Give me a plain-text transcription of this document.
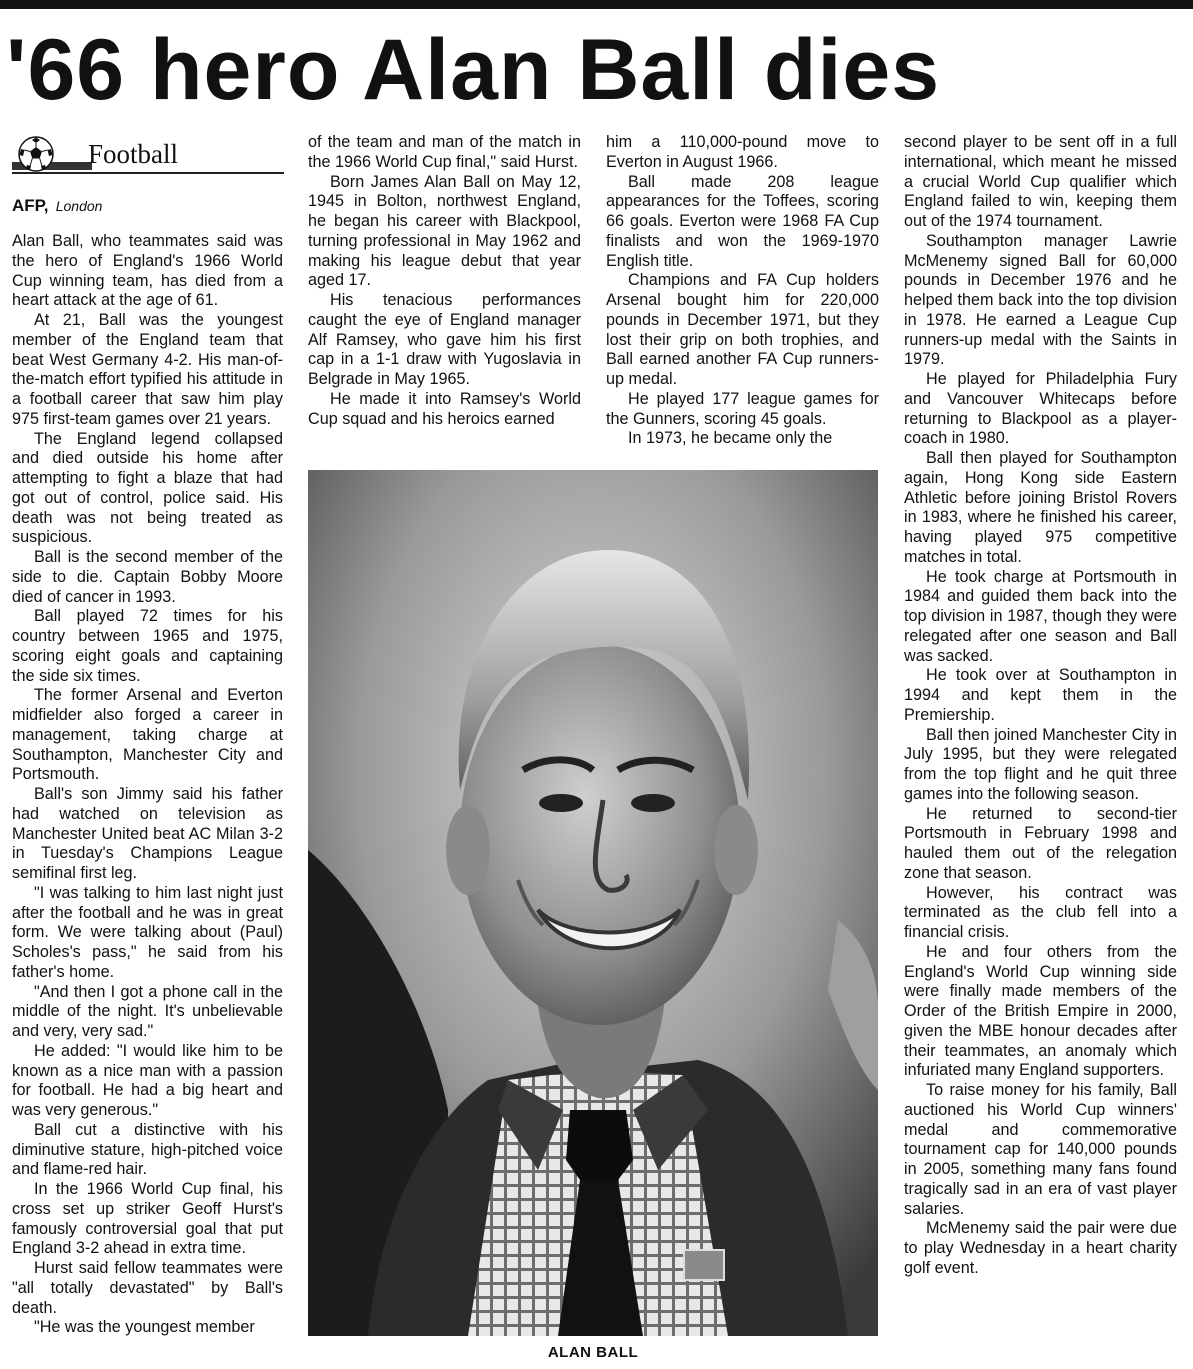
'66 hero Alan Ball dies
Football
AFP, London

Alan Ball, who teammates said was the hero of England's 1966 World Cup winning team, has died from a heart attack at the age of 61.

At 21, Ball was the youngest member of the England team that beat West Germany 4-2. His man-of-the-match effort typified his attitude in a football career that saw him play 975 first-team games over 21 years.

The England legend collapsed and died outside his home after attempting to fight a blaze that had got out of control, police said. His death was not being treated as suspicious.

Ball is the second member of the side to die. Captain Bobby Moore died of cancer in 1993.

Ball played 72 times for his country between 1965 and 1975, scoring eight goals and captaining the side six times.

The former Arsenal and Everton midfielder also forged a career in management, taking charge at Southampton, Manchester City and Portsmouth.

Ball's son Jimmy said his father had watched on television as Manchester United beat AC Milan 3-2 in Tuesday's Champions League semifinal first leg.

"I was talking to him last night just after the football and he was in great form. We were talking about (Paul) Scholes's pass," he said from his father's home.

"And then I got a phone call in the middle of the night. It's unbelievable and very, very sad."

He added: "I would like him to be known as a nice man with a passion for football. He had a big heart and was very generous."

Ball cut a distinctive with his diminutive stature, high-pitched voice and flame-red hair.

In the 1966 World Cup final, his cross set up striker Geoff Hurst's famously controversial goal that put England 3-2 ahead in extra time.

Hurst said fellow teammates were "all totally devastated" by Ball's death.

"He was the youngest member

of the team and man of the match in the 1966 World Cup final," said Hurst.

Born James Alan Ball on May 12, 1945 in Bolton, northwest England, he began his career with Blackpool, turning professional in May 1962 and making his league debut that year aged 17.

His tenacious performances caught the eye of England manager Alf Ramsey, who gave him his first cap in a 1-1 draw with Yugoslavia in Belgrade in May 1965.

He made it into Ramsey's World Cup squad and his heroics earned

him a 110,000-pound move to Everton in August 1966.

Ball made 208 league appearances for the Toffees, scoring 66 goals. Everton were 1968 FA Cup finalists and won the 1969-1970 English title.

Champions and FA Cup holders Arsenal bought him for 220,000 pounds in December 1971, but they lost their grip on both trophies, and Ball earned another FA Cup runners-up medal.

He played 177 league games for the Gunners, scoring 45 goals.

In 1973, he became only the

second player to be sent off in a full international, which meant he missed a crucial World Cup qualifier which England failed to win, keeping them out of the 1974 tournament.

Southampton manager Lawrie McMenemy signed Ball for 60,000 pounds in December 1976 and he helped them back into the top division in 1978. He earned a League Cup runners-up medal with the Saints in 1979.

He played for Philadelphia Fury and Vancouver Whitecaps before returning to Blackpool as a player-coach in 1980.

Ball then played for Southampton again, Hong Kong side Eastern Athletic before joining Bristol Rovers in 1983, where he finished his career, having played 975 competitive matches in total.

He took charge at Portsmouth in 1984 and guided them back into the top division in 1987, though they were relegated after one season and Ball was sacked.

He took over at Southampton in 1994 and kept them in the Premiership.

Ball then joined Manchester City in July 1995, but they were relegated from the top flight and he quit three games into the following season.

He returned to second-tier Portsmouth in February 1998 and hauled them out of the relegation zone that season.

However, his contract was terminated as the club fell into a financial crisis.

He and four others from the England's World Cup winning side were finally made members of the Order of the British Empire in 2000, given the MBE honour decades after their teammates, an anomaly which infuriated many England supporters.

To raise money for his family, Ball auctioned his World Cup winners' medal and commemorative tournament cap for 140,000 pounds in 2005, something many fans found tragically sad in an era of vast player salaries.

McMenemy said the pair were due to play Wednesday in a heart charity golf event.

ALAN BALL
